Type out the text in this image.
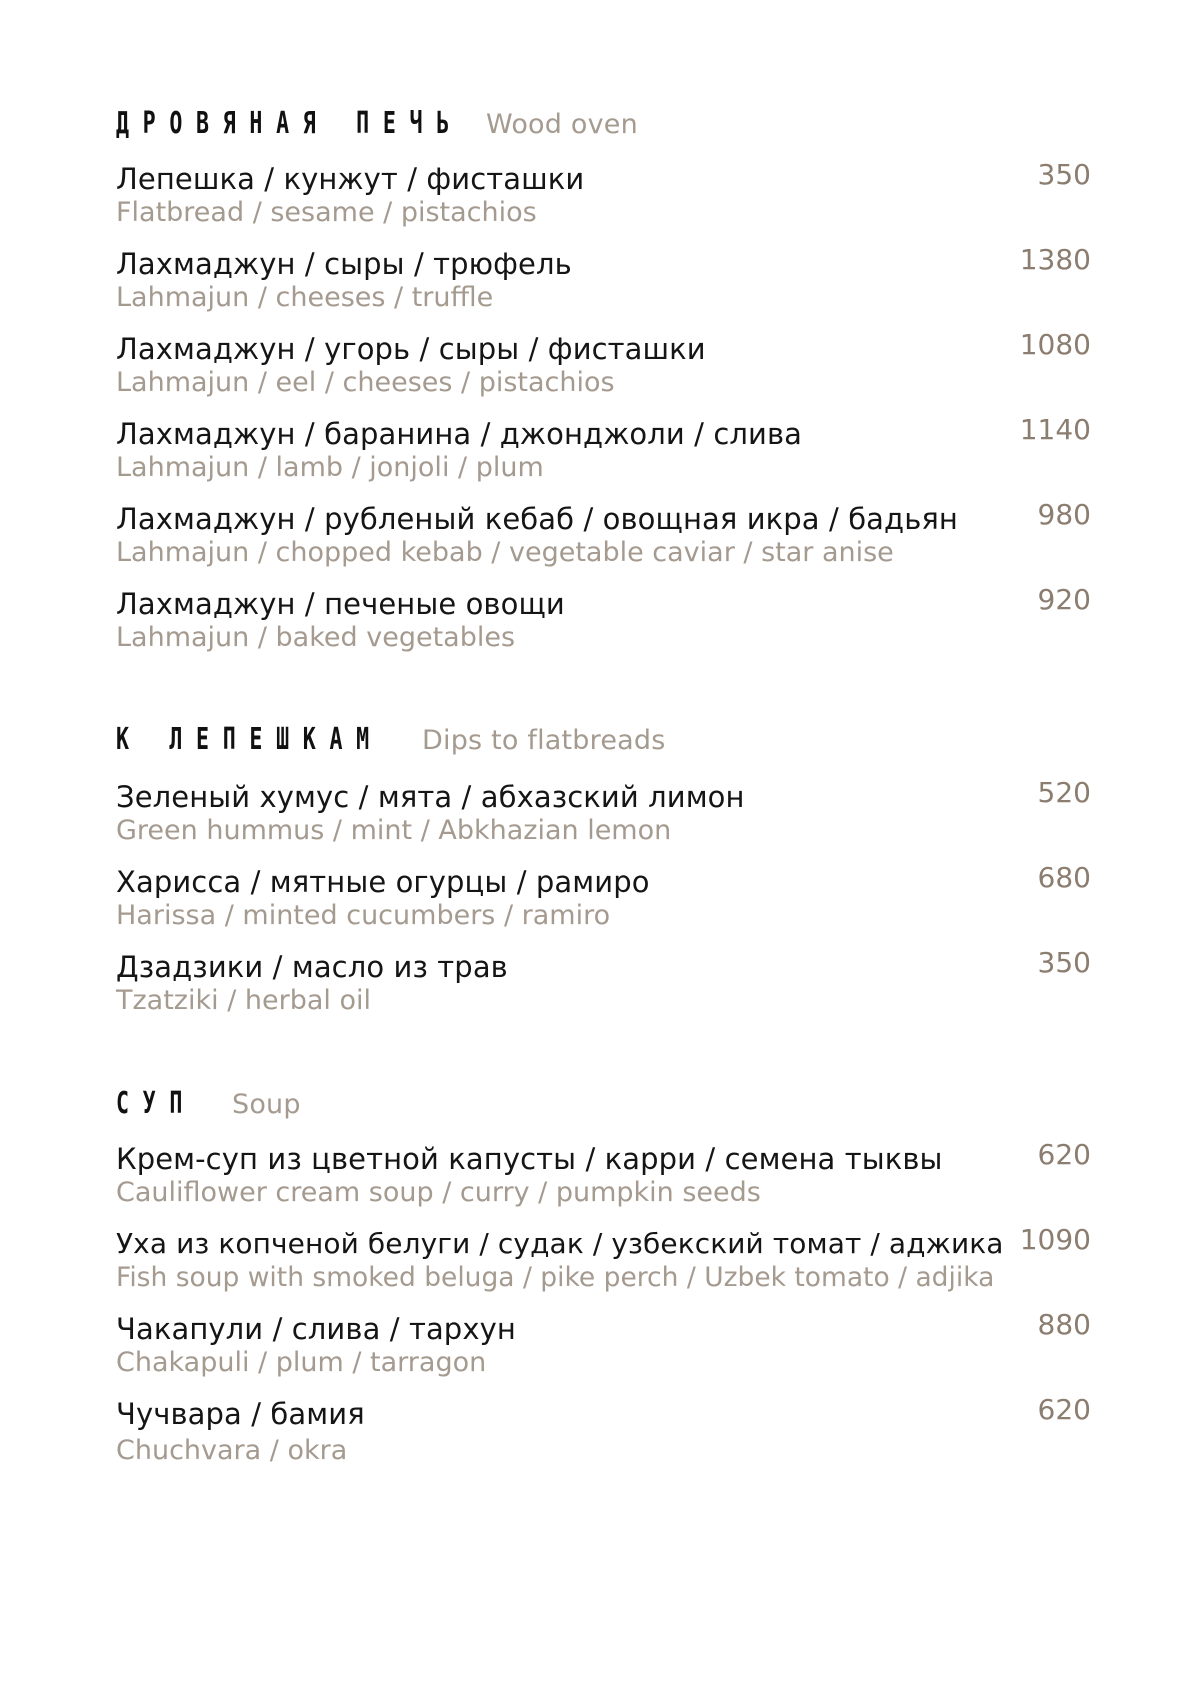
ДРОВЯНАЯ ПЕЧЬ Wood oven
Лепешка / кунжут / фисташки
Flatbread / sesame / pistachios
350
Лахмаджун / сыры / трюфель
Lahmajun / cheeses / truffle
1380
Лахмаджун / угорь / сыры / фисташки
Lahmajun / eel / cheeses / pistachios
1080
Лахмаджун / баранина / джонджоли / слива
Lahmajun / lamb / jonjoli / plum
1140
Лахмаджун / рубленый кебаб / овощная икра / бадьян
Lahmajun / chopped kebab / vegetable caviar / star anise
980
Лахмаджун / печеные овощи
Lahmajun / baked vegetables
920
К ЛЕПЕШКАМ Dips to flatbreads
Зеленый хумус / мята / абхазский лимон
Green hummus / mint / Abkhazian lemon
520
Харисса / мятные огурцы / рамиро
Harissa / minted cucumbers / ramiro
680
Дзадзики / масло из трав
Tzatziki / herbal oil
350
СУП Soup
Крем-суп из цветной капусты / карри / семена тыквы
Cauliflower cream soup / curry / pumpkin seeds
620
Уха из копченой белуги / судак / узбекский томат / аджика
Fish soup with smoked beluga / pike perch / Uzbek tomato / adjika
1090
Чакапули / слива / тархун
Chakapuli / plum / tarragon
880
Чучвара / бамия
Chuchvara / okra
620
